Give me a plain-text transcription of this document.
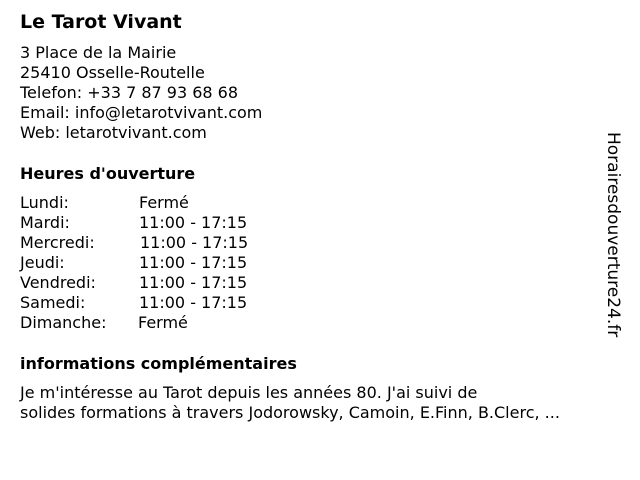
Le Tarot Vivant
3 Place de la Mairie
25410 Osselle-Routelle
Telefon: +33 7 87 93 68 68
Email: info@letarotvivant.com
Web: letarotvivant.com
Heures d'ouverture
Lundi:	Fermé
Mardi:	11:00 - 17:15
Mercredi:	11:00 - 17:15
Jeudi:	11:00 - 17:15
Vendredi:	11:00 - 17:15
Samedi:	11:00 - 17:15
Dimanche: Fermé
informations complémentaires
Je m'intéresse au Tarot depuis les années 80. J'ai suivi de
solides formations à travers Jodorowsky, Camoin, E.Finn, B.Clerc, ...
Horairesdouverture24.fr
